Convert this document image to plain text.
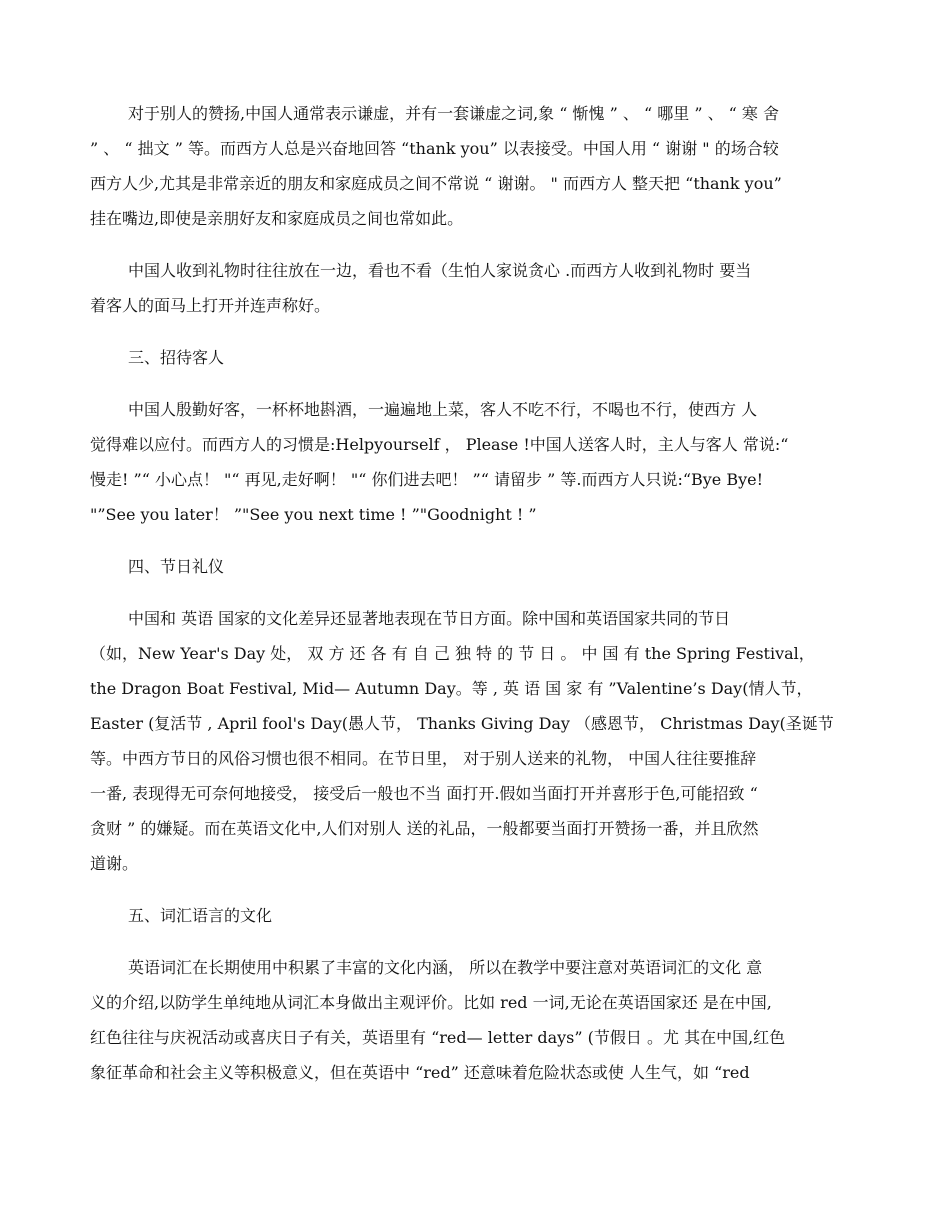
对于别人的赞扬,中国人通常表示谦虚，并有一套谦虚之词,象 “ 惭愧 ” 、 “ 哪里 ” 、 “ 寒 舍
” 、 “ 拙文 ” 等。而西方人总是兴奋地回答 “thank you” 以表接受。中国人用 “ 谢谢 " 的场合较
西方人少,尤其是非常亲近的朋友和家庭成员之间不常说 “ 谢谢。 " 而西方人 整天把 “thank you”
挂在嘴边,即使是亲朋好友和家庭成员之间也常如此。
中国人收到礼物时往往放在一边，看也不看（生怕人家说贪心 .而西方人收到礼物时 要当
着客人的面马上打开并连声称好。
三、招待客人
中国人殷勤好客，一杯杯地斟酒，一遍遍地上菜，客人不吃不行，不喝也不行，使西方 人
觉得难以应付。而西方人的习惯是:Helpyourself ， Please !中国人送客人时，主人与客人 常说:“
慢走! ”“ 小心点！ "“ 再见,走好啊！ "“ 你们进去吧！ ”“ 请留步 ” 等.而西方人只说:“Bye Bye!
"”See you later！ ”"See you next time ! ”"Goodnight ! ”
四、节日礼仪
中国和 英语 国家的文化差异还显著地表现在节日方面。除中国和英语国家共同的节日
（如，New Year's Day 处， 双 方 还 各 有 自 己 独 特 的 节 日 。 中 国 有 the Spring Festival，
the Dragon Boat Festival, Mid— Autumn Day。等 , 英 语 国 家 有 ”Valentine’s Day(情人节，
Easter (复活节 , April fool's Day(愚人节， Thanks Giving Day （感恩节， Christmas Day(圣诞节
等。中西方节日的风俗习惯也很不相同。在节日里， 对于别人送来的礼物， 中国人往往要推辞
一番, 表现得无可奈何地接受， 接受后一般也不当 面打开.假如当面打开并喜形于色,可能招致 “
贪财 ” 的嫌疑。而在英语文化中,人们对别人 送的礼品，一般都要当面打开赞扬一番，并且欣然
道谢。
五、词汇语言的文化
英语词汇在长期使用中积累了丰富的文化内涵， 所以在教学中要注意对英语词汇的文化 意
义的介绍,以防学生单纯地从词汇本身做出主观评价。比如 red 一词,无论在英语国家还 是在中国,
红色往往与庆祝活动或喜庆日子有关，英语里有 “red— letter days” (节假日 。尤 其在中国,红色
象征革命和社会主义等积极意义，但在英语中 “red” 还意味着危险状态或使 人生气，如 “red
